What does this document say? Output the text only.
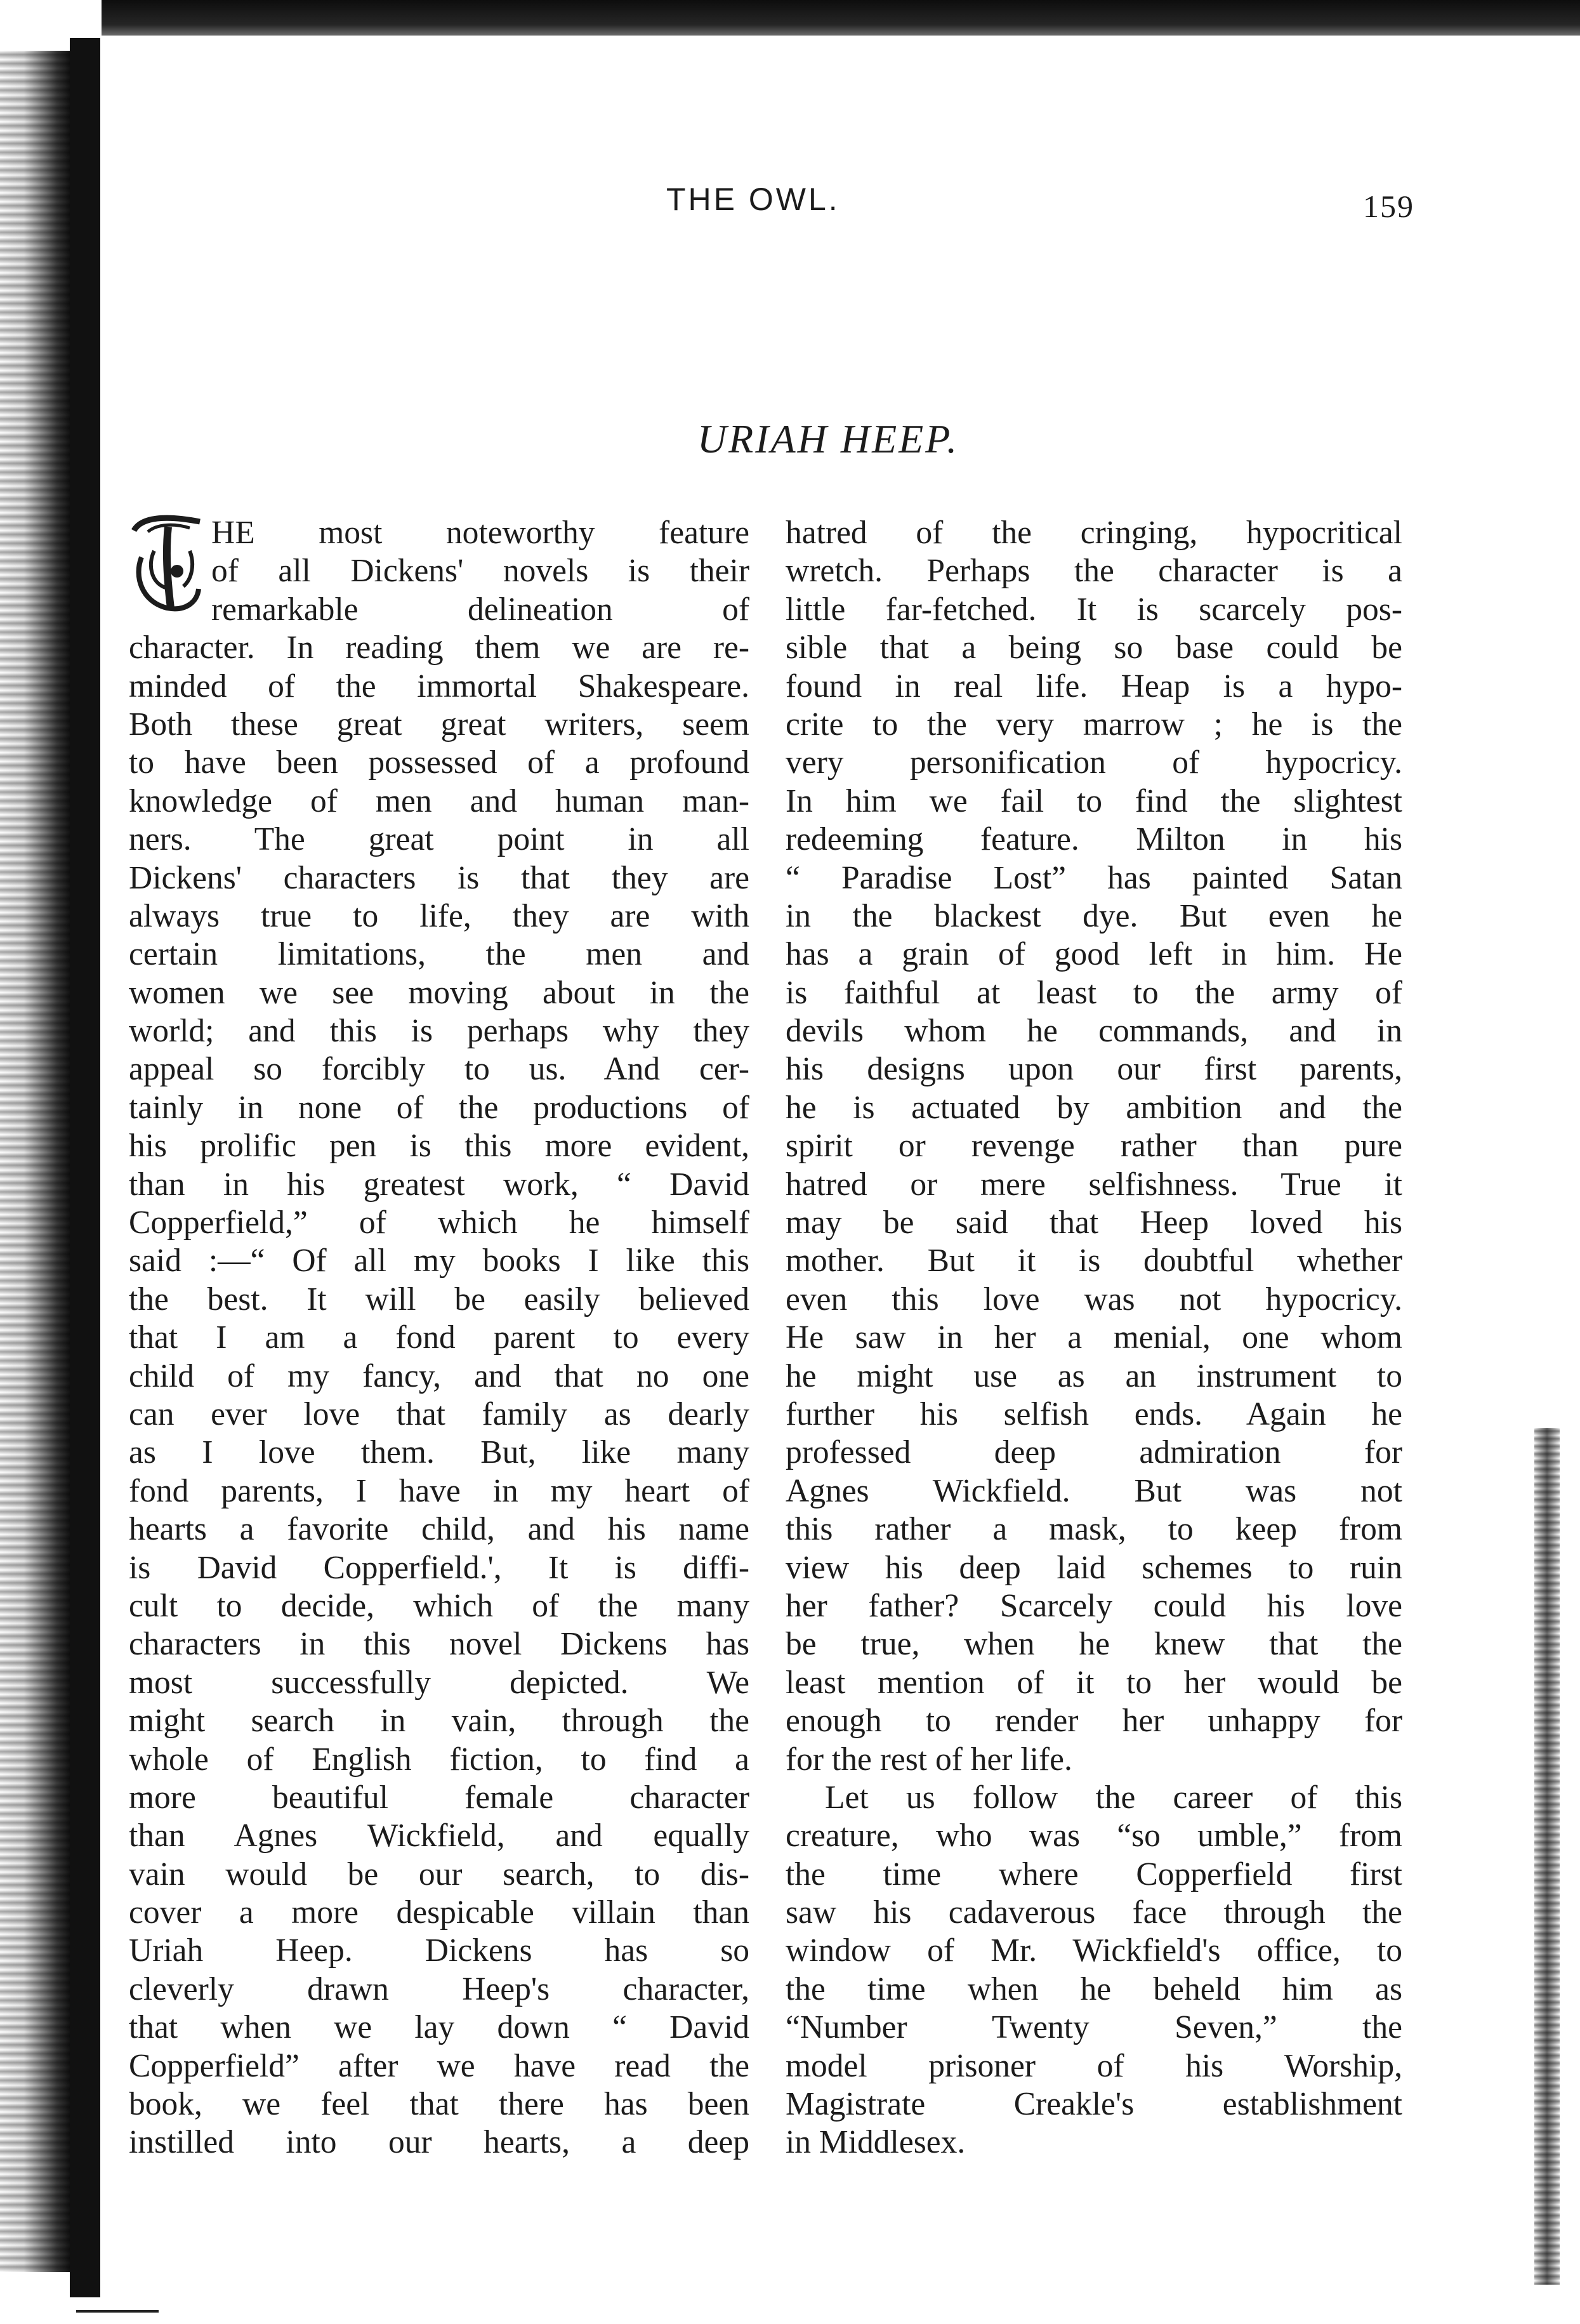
THE OWL.	159
URIAH HEEP.
HE most noteworthy feature
of all Dickens' novels is their
remarkable delineation of
character. In reading them we are re-
minded of the immortal Shakespeare.
Both these great great writers, seem
to have been possessed of a profound
knowledge of men and human man-
ners. The great point in all
Dickens' characters is that they are
always true to life, they are with
certain limitations, the men and
women we see moving about in the
world; and this is perhaps why they
appeal so forcibly to us. And cer-
tainly in none of the productions of
his prolific pen is this more evident,
than in his greatest work, “ David
Copperfield,” of which he himself
said :—“ Of all my books I like this
the best. It will be easily believed
that I am a fond parent to every
child of my fancy, and that no one
can ever love that family as dearly
as I love them. But, like many
fond parents, I have in my heart of
hearts a favorite child, and his name
is David Copperfield.', It is diffi-
cult to decide, which of the many
characters in this novel Dickens has
most successfully depicted. We
might search in vain, through the
whole of English fiction, to find a
more beautiful female character
than Agnes Wickfield, and equally
vain would be our search, to dis-
cover a more despicable villain than
Uriah Heep. Dickens has so
cleverly drawn Heep's character,
that when we lay down “ David
Copperfield” after we have read the
book, we feel that there has been
instilled into our hearts, a deep
hatred of the cringing, hypocritical
wretch. Perhaps the character is a
little far-fetched. It is scarcely pos-
sible that a being so base could be
found in real life. Heap is a hypo-
crite to the very marrow ; he is the
very personification of hypocricy.
In him we fail to find the slightest
redeeming feature. Milton in his
“ Paradise Lost” has painted Satan
in the blackest dye. But even he
has a grain of good left in him. He
is faithful at least to the army of
devils whom he commands, and in
his designs upon our first parents,
he is actuated by ambition and the
spirit or revenge rather than pure
hatred or mere selfishness. True it
may be said that Heep loved his
mother. But it is doubtful whether
even this love was not hypocricy.
He saw in her a menial, one whom
he might use as an instrument to
further his selfish ends. Again he
professed deep admiration for
Agnes Wickfield. But was not
this rather a mask, to keep from
view his deep laid schemes to ruin
her father? Scarcely could his love
be true, when he knew that the
least mention of it to her would be
enough to render her unhappy for
for the rest of her life.
Let us follow the career of this
creature, who was “so umble,” from
the time where Copperfield first
saw his cadaverous face through the
window of Mr. Wickfield's office, to
the time when he beheld him as
“Number Twenty Seven,” the
model prisoner of his Worship,
Magistrate Creakle's establishment
in Middlesex.
